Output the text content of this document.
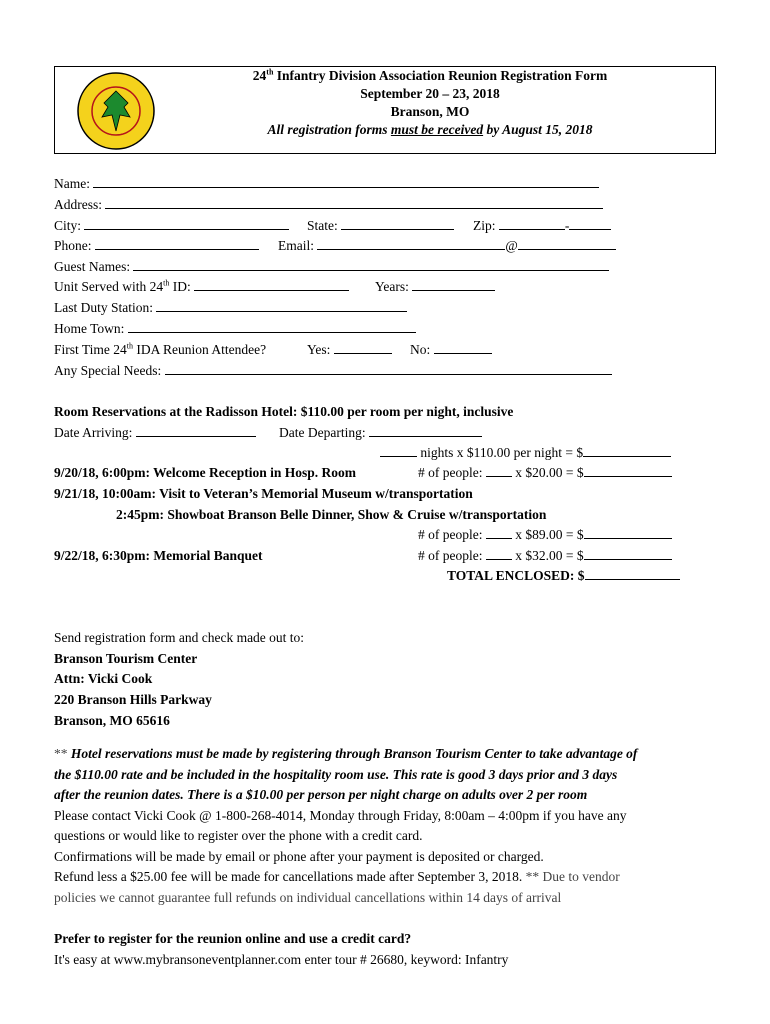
24th Infantry Division Association Reunion Registration Form
September 20 – 23, 2018
Branson, MO
All registration forms must be received by August 15, 2018
Name:
Address:
City:	State:	Zip:	-
Phone:	Email:	@
Guest Names:
Unit Served with 24th ID:	Years:
Last Duty Station:
Home Town:
First Time 24th IDA Reunion Attendee?	Yes:	No:
Any Special Needs:
Room Reservations at the Radisson Hotel: $110.00 per room per night, inclusive
Date Arriving:	Date Departing:
nights x $110.00 per night = $
9/20/18, 6:00pm: Welcome Reception in Hosp. Room	# of people:  x $20.00 = $
9/21/18, 10:00am: Visit to Veteran’s Memorial Museum w/transportation
2:45pm: Showboat Branson Belle Dinner, Show & Cruise w/transportation
# of people:  x $89.00 = $
9/22/18, 6:30pm: Memorial Banquet	# of people:  x $32.00 = $
TOTAL ENCLOSED: $
Send registration form and check made out to:
Branson Tourism Center
Attn: Vicki Cook
220 Branson Hills Parkway
Branson, MO 65616
** Hotel reservations must be made by registering through Branson Tourism Center to take advantage of
the $110.00 rate and be included in the hospitality room use. This rate is good 3 days prior and 3 days
after the reunion dates. There is a $10.00 per person per night charge on adults over 2 per room
Please contact Vicki Cook @ 1-800-268-4014, Monday through Friday, 8:00am – 4:00pm if you have any
questions or would like to register over the phone with a credit card.
Confirmations will be made by email or phone after your payment is deposited or charged.
Refund less a $25.00 fee will be made for cancellations made after September 3, 2018. ** Due to vendor
policies we cannot guarantee full refunds on individual cancellations within 14 days of arrival
Prefer to register for the reunion online and use a credit card?
It's easy at www.mybransoneventplanner.com enter tour # 26680, keyword: Infantry
